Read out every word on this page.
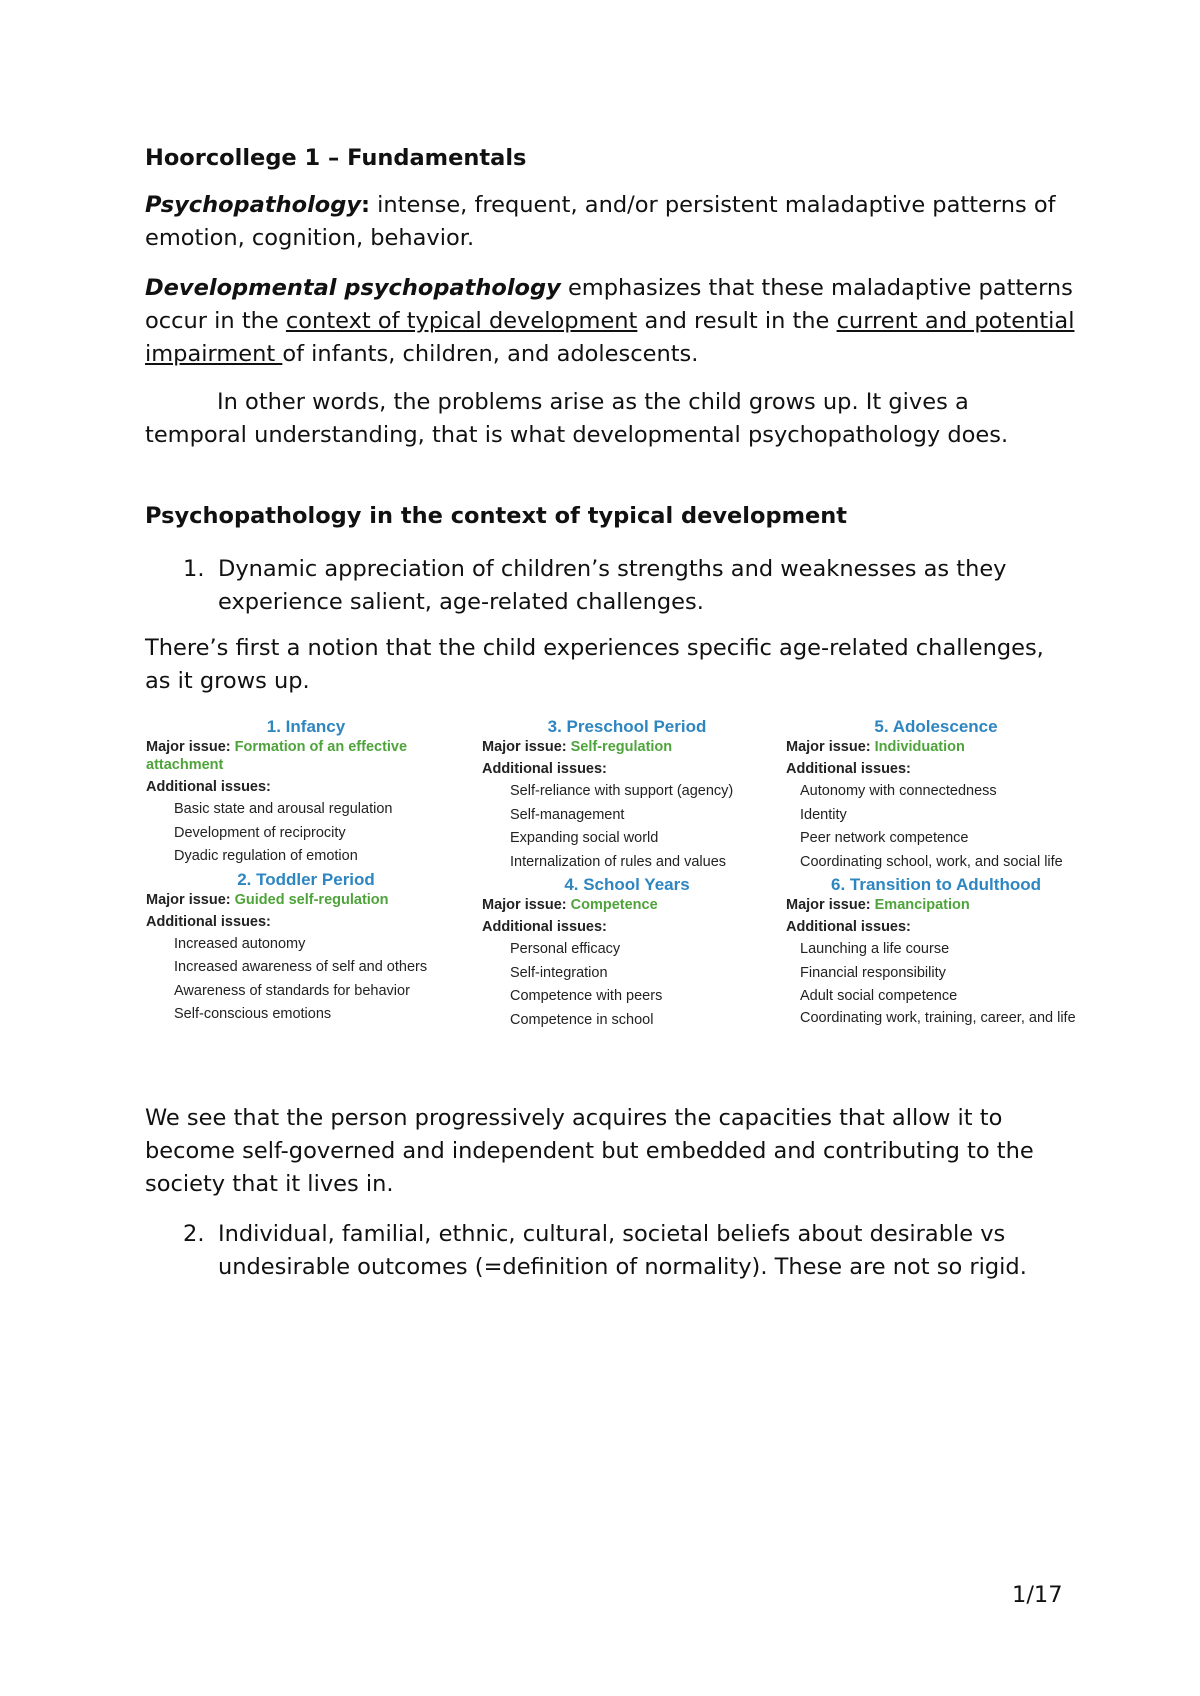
Hoorcollege 1 – Fundamentals

Psychopathology: intense, frequent, and/or persistent maladaptive patterns of emotion, cognition, behavior.

Developmental psychopathology emphasizes that these maladaptive patterns occur in the context of typical development and result in the current and potential impairment of infants, children, and adolescents.

In other words, the problems arise as the child grows up. It gives a temporal understanding, that is what developmental psychopathology does.

Psychopathology in the context of typical development

1. Dynamic appreciation of children’s strengths and weaknesses as they experience salient, age-related challenges.

There’s first a notion that the child experiences specific age-related challenges, as it grows up.

1. Infancy
Major issue: Formation of an effective attachment
Additional issues:
Basic state and arousal regulation
Development of reciprocity
Dyadic regulation of emotion
2. Toddler Period
Major issue: Guided self-regulation
Additional issues:
Increased autonomy
Increased awareness of self and others
Awareness of standards for behavior
Self-conscious emotions
3. Preschool Period
Major issue: Self-regulation
Additional issues:
Self-reliance with support (agency)
Self-management
Expanding social world
Internalization of rules and values
4. School Years
Major issue: Competence
Additional issues:
Personal efficacy
Self-integration
Competence with peers
Competence in school
5. Adolescence
Major issue: Individuation
Additional issues:
Autonomy with connectedness
Identity
Peer network competence
Coordinating school, work, and social life
6. Transition to Adulthood
Major issue: Emancipation
Additional issues:
Launching a life course
Financial responsibility
Adult social competence
Coordinating work, training, career, and life

We see that the person progressively acquires the capacities that allow it to become self-governed and independent but embedded and contributing to the society that it lives in.

2. Individual, familial, ethnic, cultural, societal beliefs about desirable vs undesirable outcomes (=definition of normality). These are not so rigid.
1/17
